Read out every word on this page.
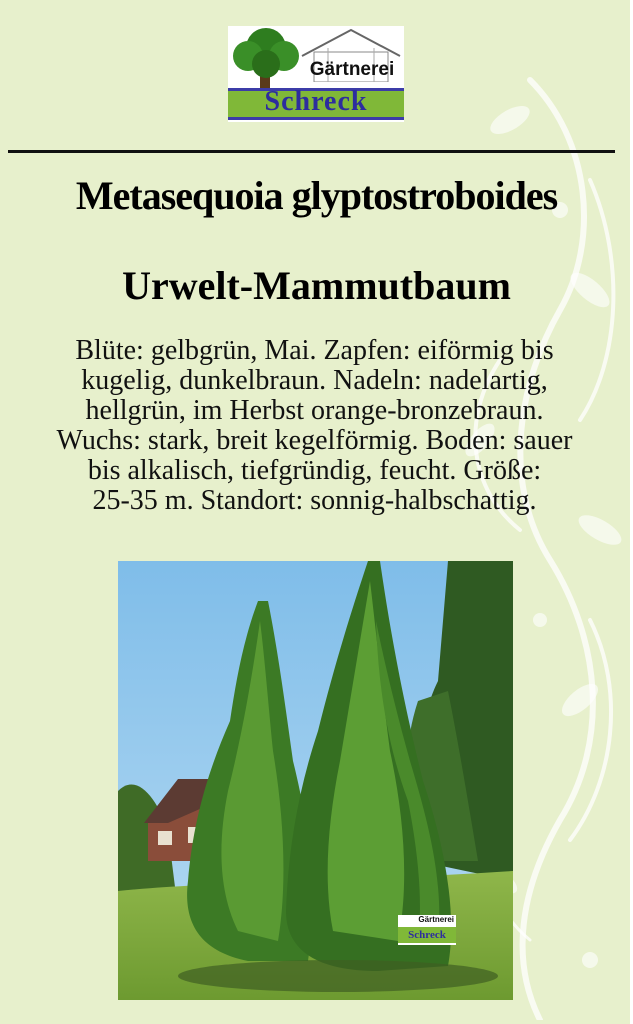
Gärtnerei
Schreck
Metasequoia glyptostroboides
Urwelt-Mammutbaum
Blüte: gelbgrün, Mai. Zapfen: eiförmig bis
kugelig, dunkelbraun. Nadeln: nadelartig,
hellgrün, im Herbst orange-bronzebraun.
Wuchs: stark, breit kegelförmig. Boden: sauer
bis alkalisch, tiefgründig, feucht. Größe:
25-35 m. Standort: sonnig-halbschattig.
Gärtnerei
Schreck
